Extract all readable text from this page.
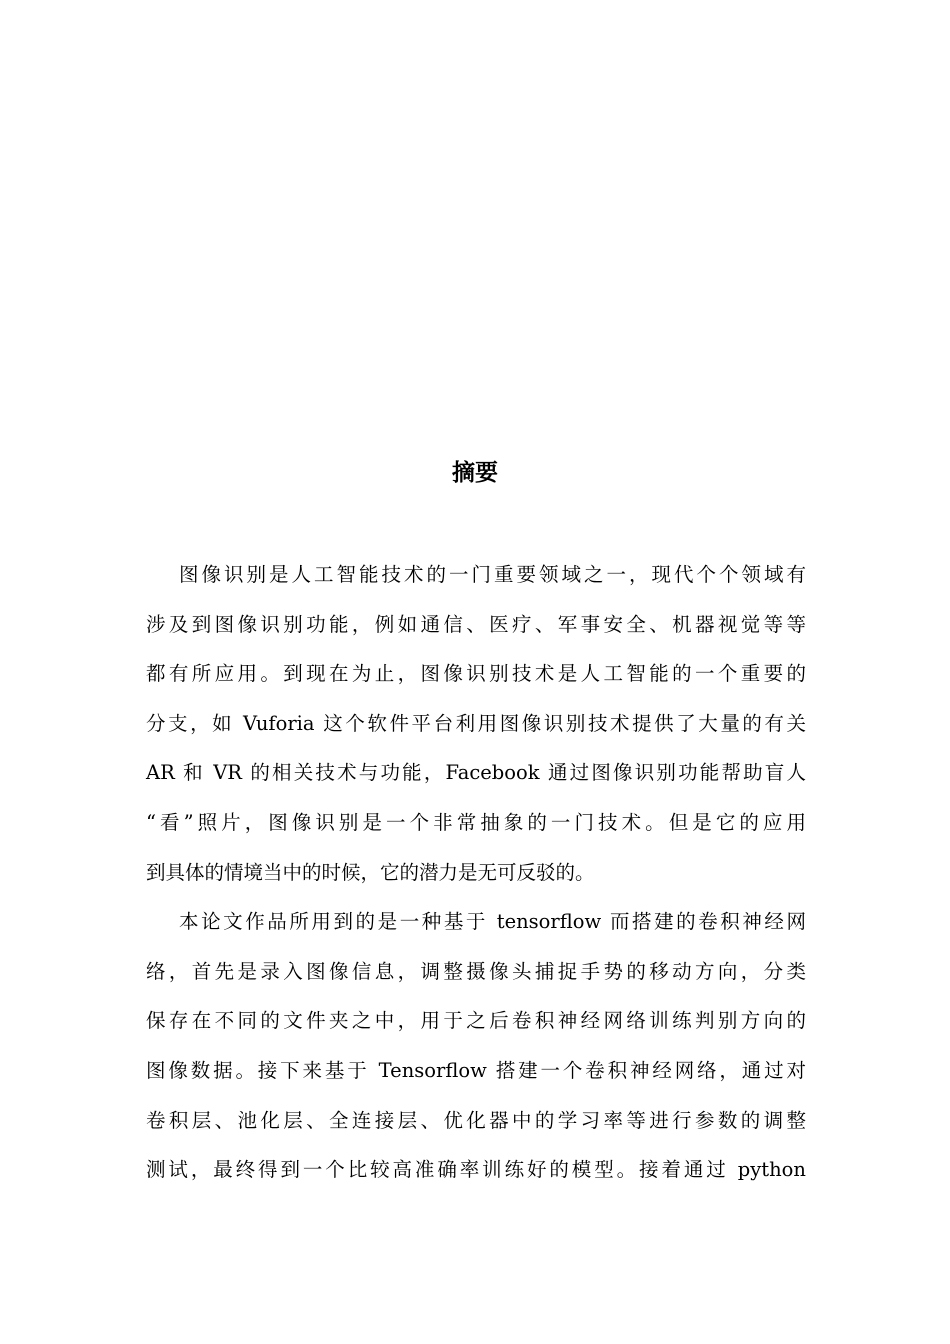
摘要

图像识别是人工智能技术的一门重要领域之一，现代个个领域有

涉及到图像识别功能，例如通信、医疗、军事安全、机器视觉等等

都有所应用。到现在为止，图像识别技术是人工智能的一个重要的

分支，如 Vuforia 这个软件平台利用图像识别技术提供了大量的有关

AR 和 VR 的相关技术与功能，Facebook 通过图像识别功能帮助盲人

“看”照片，图像识别是一个非常抽象的一门技术。但是它的应用

到具体的情境当中的时候，它的潜力是无可反驳的。

本论文作品所用到的是一种基于 tensorflow 而搭建的卷积神经网

络，首先是录入图像信息，调整摄像头捕捉手势的移动方向，分类

保存在不同的文件夹之中，用于之后卷积神经网络训练判别方向的

图像数据。接下来基于 Tensorflow 搭建一个卷积神经网络，通过对

卷积层、池化层、全连接层、优化器中的学习率等进行参数的调整

测试，最终得到一个比较高准确率训练好的模型。接着通过 python
